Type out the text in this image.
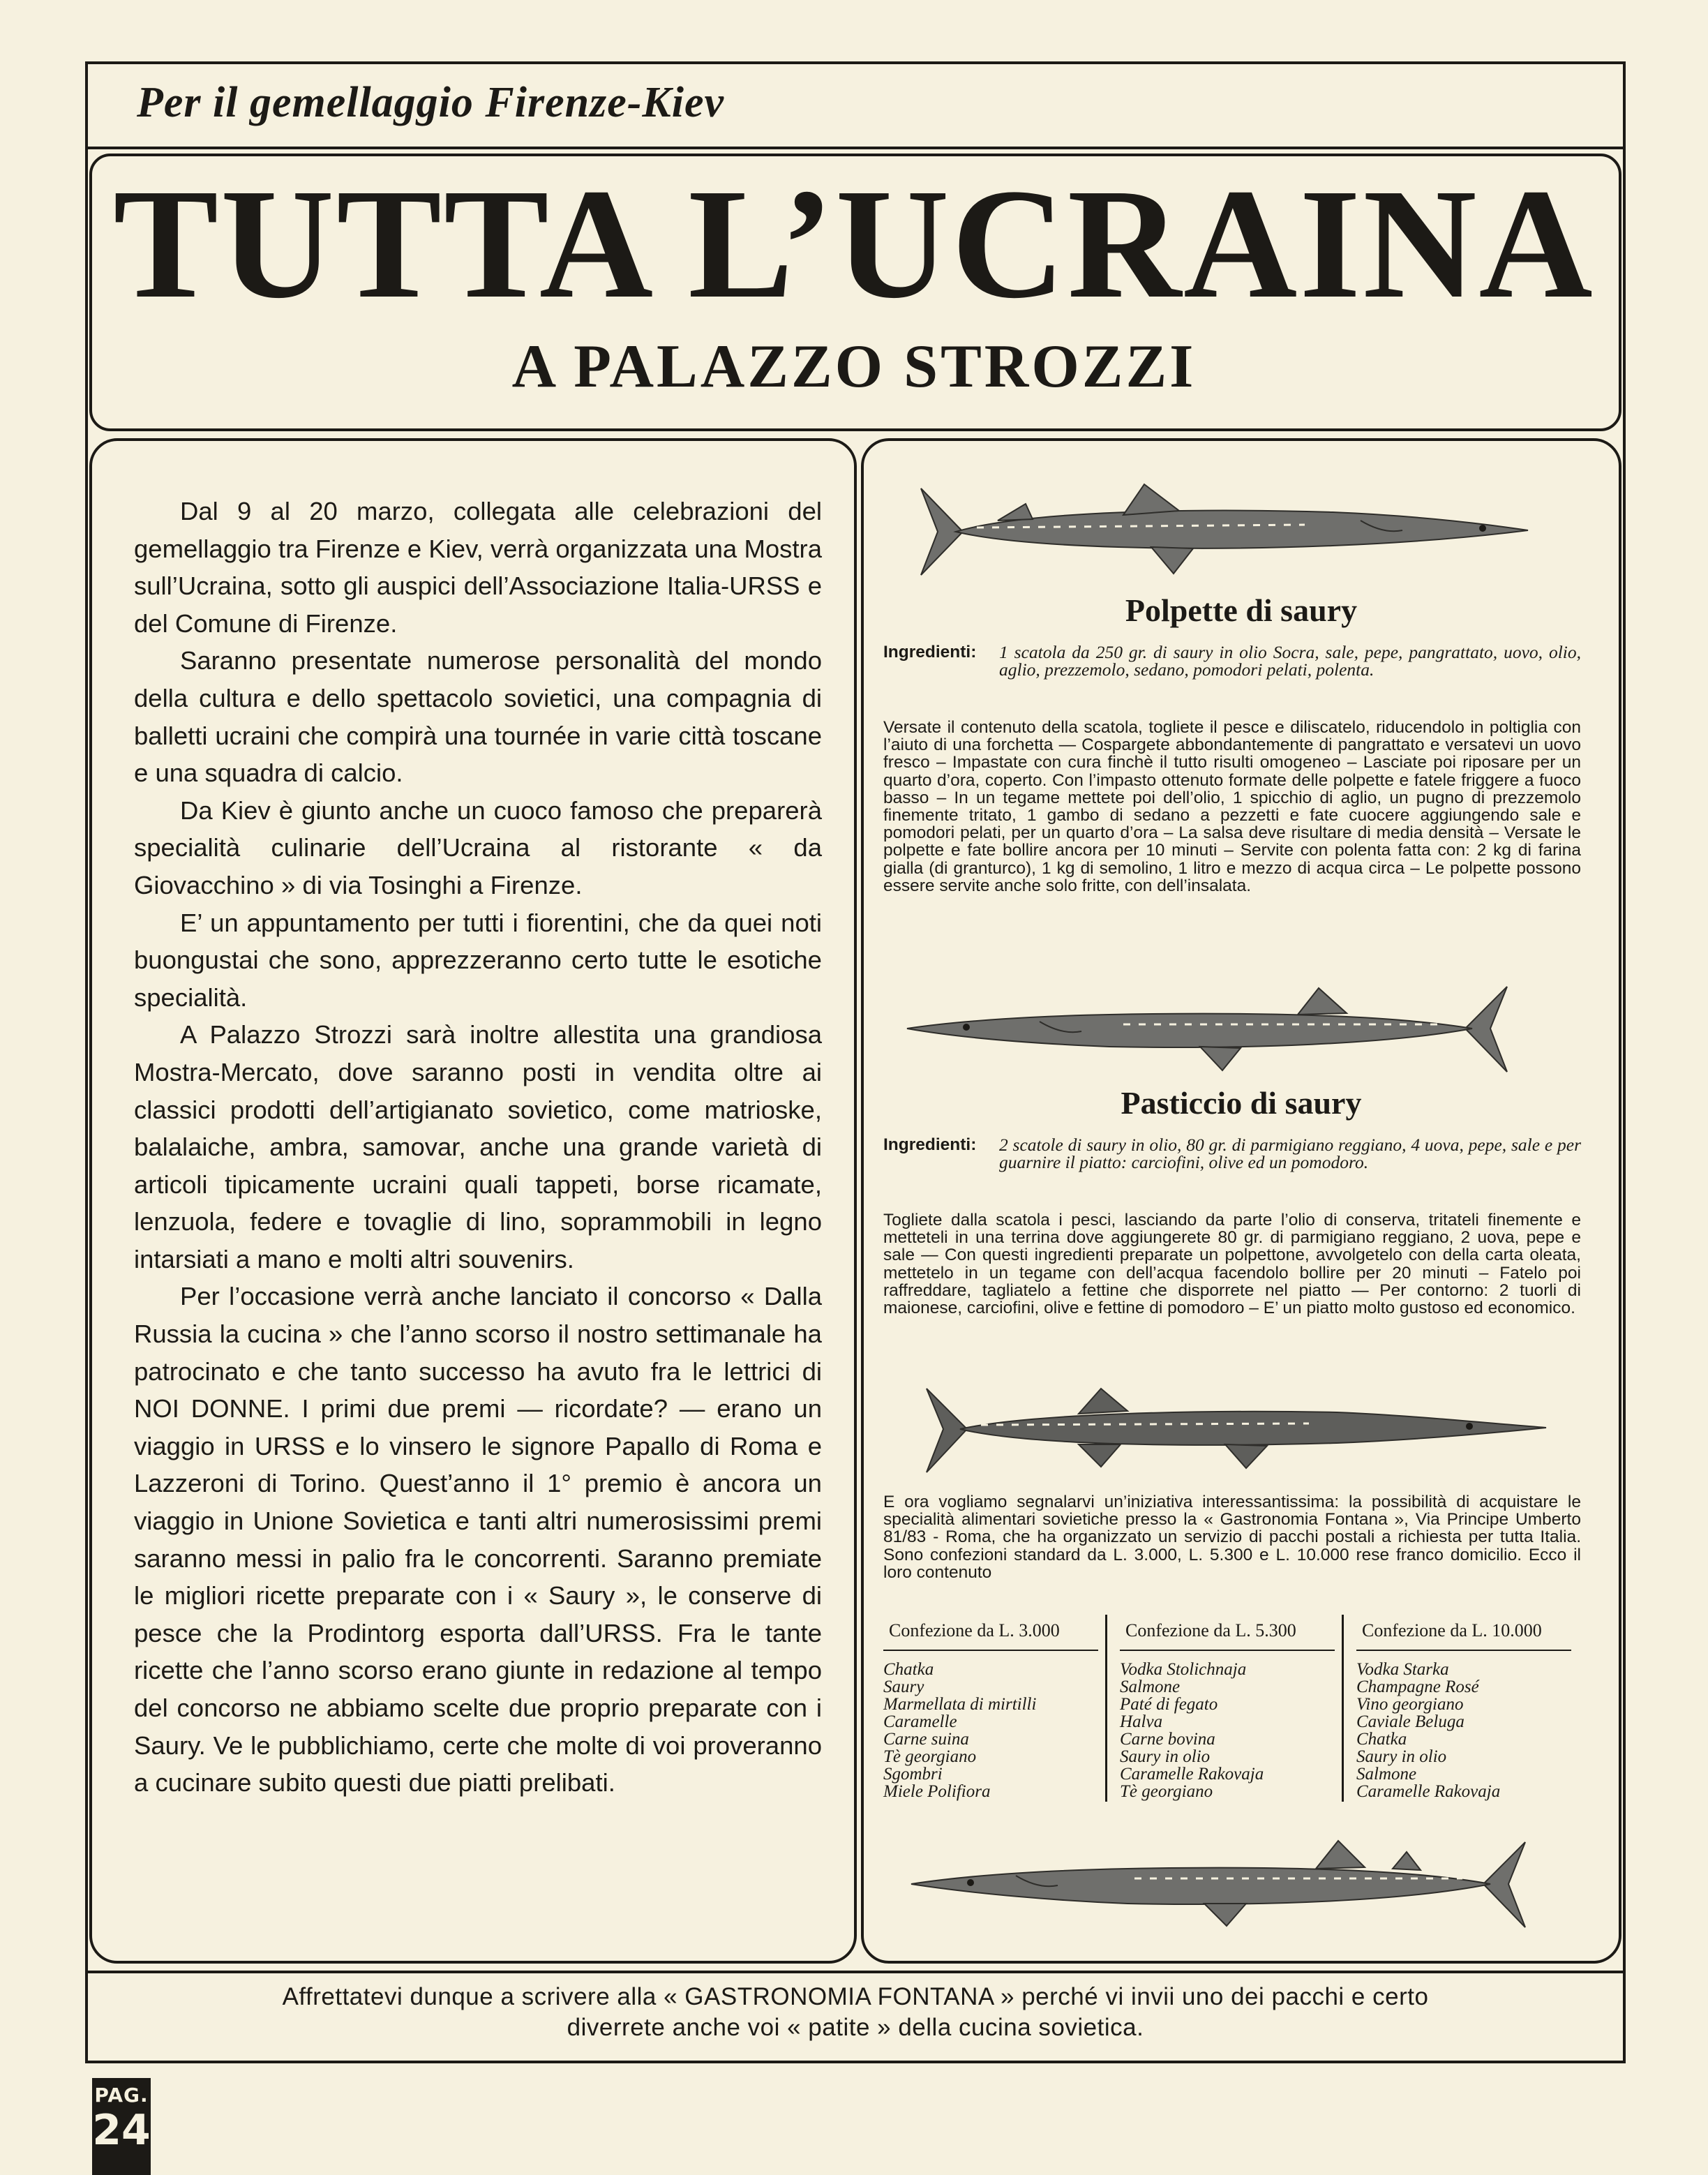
Per il gemellaggio Firenze-Kiev
TUTTA L’UCRAINA
A PALAZZO STROZZI

Dal 9 al 20 marzo, collegata alle celebrazioni del gemellaggio tra Firenze e Kiev, verrà organizzata una Mostra sull’Ucraina, sotto gli auspici dell’Associazione Italia-URSS e del Comune di Firenze.

Saranno presentate numerose personalità del mondo della cultura e dello spettacolo sovietici, una compagnia di balletti ucraini che compirà una tournée in varie città toscane e una squadra di calcio.

Da Kiev è giunto anche un cuoco famoso che preparerà specialità culinarie dell’Ucraina al ristorante « da Giovacchino » di via Tosinghi a Firenze.

E’ un appuntamento per tutti i fiorentini, che da quei noti buongustai che sono, apprezzeranno certo tutte le esotiche specialità.

A Palazzo Strozzi sarà inoltre allestita una grandiosa Mostra-Mercato, dove saranno posti in vendita oltre ai classici prodotti dell’artigianato sovietico, come matrioske, balalaiche, ambra, samovar, anche una grande varietà di articoli tipicamente ucraini quali tappeti, borse ricamate, lenzuola, federe e tovaglie di lino, soprammobili in legno intarsiati a mano e molti altri souvenirs.

Per l’occasione verrà anche lanciato il concorso « Dalla Russia la cucina » che l’anno scorso il nostro settimanale ha patrocinato e che tanto successo ha avuto fra le lettrici di NOI DONNE. I primi due premi — ricordate? — erano un viaggio in URSS e lo vinsero le signore Papallo di Roma e Lazzeroni di Torino. Quest’anno il 1° premio è ancora un viaggio in Unione Sovietica e tanti altri numerosissimi premi saranno messi in palio fra le concorrenti. Saranno premiate le migliori ricette preparate con i « Saury », le conserve di pesce che la Prodintorg esporta dall’URSS. Fra le tante ricette che l’anno scorso erano giunte in redazione al tempo del concorso ne abbiamo scelte due proprio preparate con i Saury. Ve le pubblichiamo, certe che molte di voi proveranno a cucinare subito questi due piatti prelibati.

Polpette di saury
Ingredienti: 1 scatola da 250 gr. di saury in olio Socra, sale, pepe, pangrattato, uovo, olio, aglio, prezzemolo, sedano, pomodori pelati, polenta.
Versate il contenuto della scatola, togliete il pesce e diliscatelo, riducendolo in poltiglia con l’aiuto di una forchetta — Cospargete abbondantemente di pangrattato e versatevi un uovo fresco – Impastate con cura finchè il tutto risulti omogeneo – Lasciate poi riposare per un quarto d’ora, coperto. Con l’impasto ottenuto formate delle polpette e fatele friggere a fuoco basso – In un tegame mettete poi dell’olio, 1 spicchio di aglio, un pugno di prezzemolo finemente tritato, 1 gambo di sedano a pezzetti e fate cuocere aggiungendo sale e pomodori pelati, per un quarto d’ora – La salsa deve risultare di media densità – Versate le polpette e fate bollire ancora per 10 minuti – Servite con polenta fatta con: 2 kg di farina gialla (di granturco), 1 kg di semolino, 1 litro e mezzo di acqua circa – Le polpette possono essere servite anche solo fritte, con dell’insalata.
Pasticcio di saury
Ingredienti: 2 scatole di saury in olio, 80 gr. di parmigiano reggiano, 4 uova, pepe, sale e per guarnire il piatto: carciofini, olive ed un pomodoro.
Togliete dalla scatola i pesci, lasciando da parte l’olio di conserva, tritateli finemente e metteteli in una terrina dove aggiungerete 80 gr. di parmigiano reggiano, 2 uova, pepe e sale — Con questi ingredienti preparate un polpettone, avvolgetelo con della carta oleata, mettetelo in un tegame con dell’acqua facendolo bollire per 20 minuti – Fatelo poi raffreddare, tagliatelo a fettine che disporrete nel piatto — Per contorno: 2 tuorli di maionese, carciofini, olive e fettine di pomodoro – E’ un piatto molto gustoso ed economico.
E ora vogliamo segnalarvi un’iniziativa interessantissima: la possibilità di acquistare le specialità alimentari sovietiche presso la « Gastronomia Fontana », Via Principe Umberto 81/83 - Roma, che ha organizzato un servizio di pacchi postali a richiesta per tutta Italia. Sono confezioni standard da L. 3.000, L. 5.300 e L. 10.000 rese franco domicilio. Ecco il loro contenuto
Confezione da L. 3.000
Chatka
Saury
Marmellata di mirtilli
Caramelle
Carne suina
Tè georgiano
Sgombri
Miele Polifiora
Confezione da L. 5.300
Vodka Stolichnaja
Salmone
Paté di fegato
Halva
Carne bovina
Saury in olio
Caramelle Rakovaja
Tè georgiano
Confezione da L. 10.000
Vodka Starka
Champagne Rosé
Vino georgiano
Caviale Beluga
Chatka
Saury in olio
Salmone
Caramelle Rakovaja
Affrettatevi dunque a scrivere alla « GASTRONOMIA FONTANA » perché vi invii uno dei pacchi e certo
diverrete anche voi « patite » della cucina sovietica.
PAG.
24
